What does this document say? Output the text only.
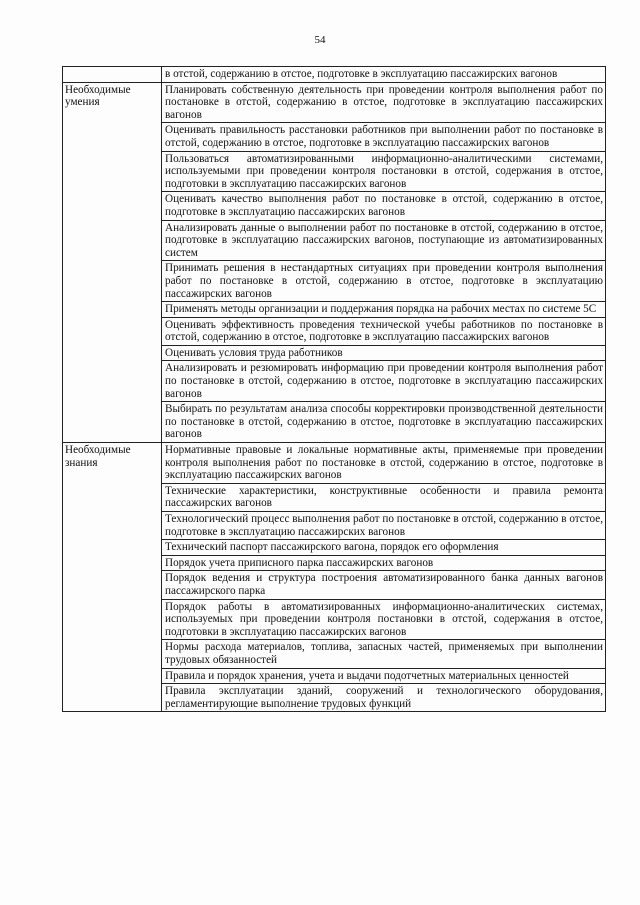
54
	в отстой, содержанию в отстое, подготовке в эксплуатацию пассажирских вагонов
Необходимые умения	Планировать собственную деятельность при проведении контроля выполнения работ по постановке в отстой, содержанию в отстое, подготовке в эксплуатацию пассажирских вагонов
	Оценивать правильность расстановки работников при выполнении работ по постановке в отстой, содержанию в отстое, подготовке в эксплуатацию пассажирских вагонов
	Пользоваться автоматизированными информационно-аналитическими системами, используемыми при проведении контроля постановки в отстой, содержания в отстое, подготовки в эксплуатацию пассажирских вагонов
	Оценивать качество выполнения работ по постановке в отстой, содержанию в отстое, подготовке в эксплуатацию пассажирских вагонов
	Анализировать данные о выполнении работ по постановке в отстой, содержанию в отстое, подготовке в эксплуатацию пассажирских вагонов, поступающие из автоматизированных систем
	Принимать решения в нестандартных ситуациях при проведении контроля выполнения работ по постановке в отстой, содержанию в отстое, подготовке в эксплуатацию пассажирских вагонов
	Применять методы организации и поддержания порядка на рабочих местах по системе 5С
	Оценивать эффективность проведения технической учебы работников по постановке в отстой, содержанию в отстое, подготовке в эксплуатацию пассажирских вагонов
	Оценивать условия труда работников
	Анализировать и резюмировать информацию при проведении контроля выполнения работ по постановке в отстой, содержанию в отстое, подготовке в эксплуатацию пассажирских вагонов
	Выбирать по результатам анализа способы корректировки производственной деятельности по постановке в отстой, содержанию в отстое, подготовке в эксплуатацию пассажирских вагонов
Необходимые знания	Нормативные правовые и локальные нормативные акты, применяемые при проведении контроля выполнения работ по постановке в отстой, содержанию в отстое, подготовке в эксплуатацию пассажирских вагонов
	Технические характеристики, конструктивные особенности и правила ремонта пассажирских вагонов
	Технологический процесс выполнения работ по постановке в отстой, содержанию в отстое, подготовке в эксплуатацию пассажирских вагонов
	Технический паспорт пассажирского вагона, порядок его оформления
	Порядок учета приписного парка пассажирских вагонов
	Порядок ведения и структура построения автоматизированного банка данных вагонов пассажирского парка
	Порядок работы в автоматизированных информационно-аналитических системах, используемых при проведении контроля постановки в отстой, содержания в отстое, подготовки в эксплуатацию пассажирских вагонов
	Нормы расхода материалов, топлива, запасных частей, применяемых при выполнении трудовых обязанностей
	Правила и порядок хранения, учета и выдачи подотчетных материальных ценностей
	Правила эксплуатации зданий, сооружений и технологического оборудования, регламентирующие выполнение трудовых функций
